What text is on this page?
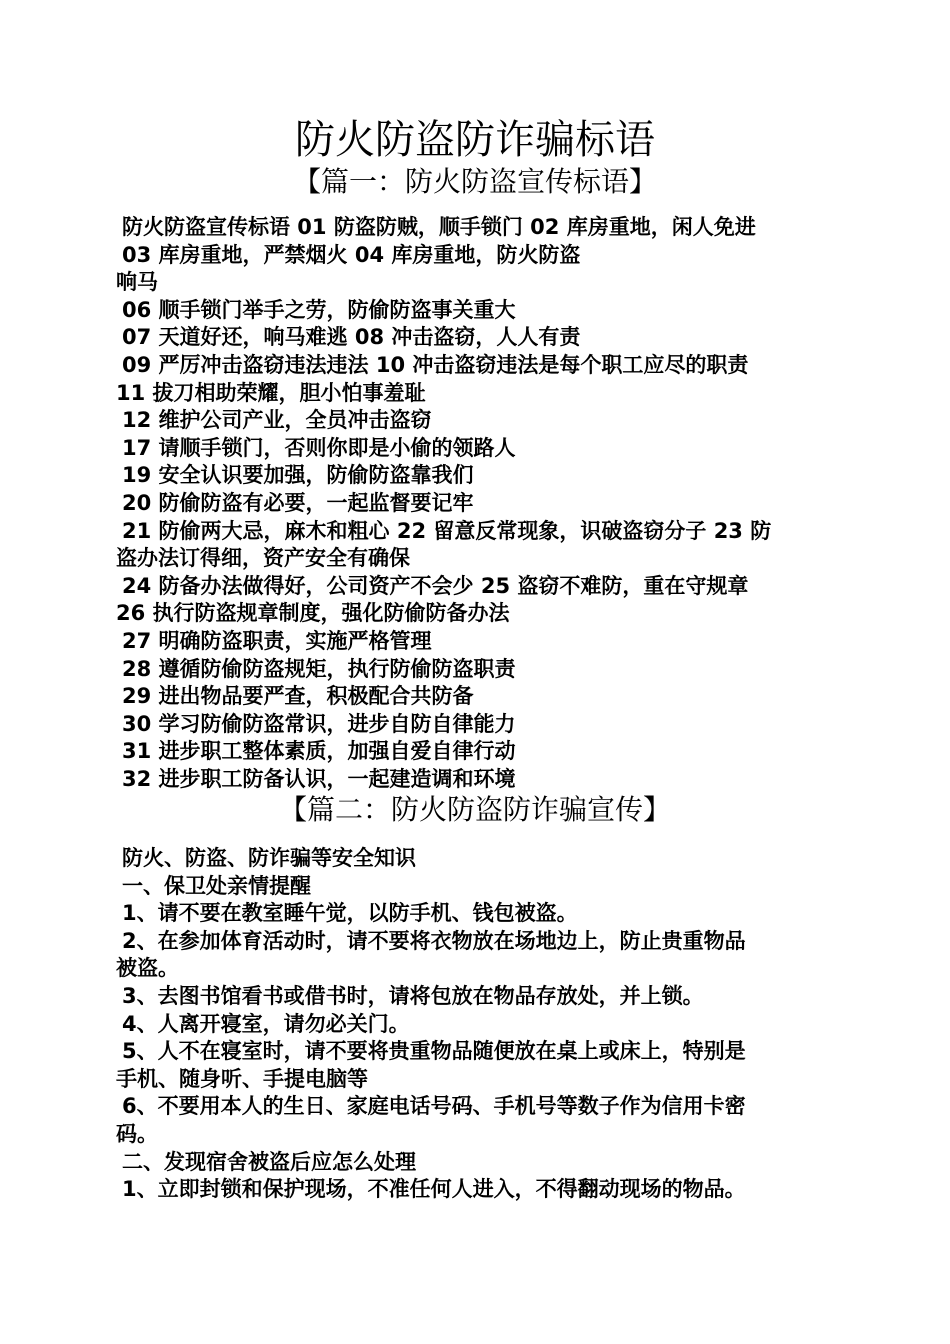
防火防盗防诈骗标语
【篇一：防火防盗宣传标语】
防火防盗宣传标语 01 防盗防贼，顺手锁门 02 库房重地，闲人免进
03 库房重地，严禁烟火 04 库房重地，防火防盗
响马
06 顺手锁门举手之劳，防偷防盗事关重大
07 天道好还，响马难逃 08 冲击盗窃，人人有责
09 严厉冲击盗窃违法违法 10 冲击盗窃违法是每个职工应尽的职责
11 拔刀相助荣耀，胆小怕事羞耻
12 维护公司产业，全员冲击盗窃
17 请顺手锁门，否则你即是小偷的领路人
19 安全认识要加强，防偷防盗靠我们
20 防偷防盗有必要，一起监督要记牢
21 防偷两大忌，麻木和粗心 22 留意反常现象，识破盗窃分子 23 防
盗办法订得细，资产安全有确保
24 防备办法做得好，公司资产不会少 25 盗窃不难防，重在守规章
26 执行防盗规章制度，强化防偷防备办法
27 明确防盗职责，实施严格管理
28 遵循防偷防盗规矩，执行防偷防盗职责
29 进出物品要严查，积极配合共防备
30 学习防偷防盗常识，进步自防自律能力
31 进步职工整体素质，加强自爱自律行动
32 进步职工防备认识，一起建造调和环境
【篇二：防火防盗防诈骗宣传】
防火、防盗、防诈骗等安全知识
一、保卫处亲情提醒
1、请不要在教室睡午觉，以防手机、钱包被盗。
2、在参加体育活动时，请不要将衣物放在场地边上，防止贵重物品
被盗。
3、去图书馆看书或借书时，请将包放在物品存放处，并上锁。
4、人离开寝室，请勿必关门。
5、人不在寝室时，请不要将贵重物品随便放在桌上或床上，特别是
手机、随身听、手提电脑等
6、不要用本人的生日、家庭电话号码、手机号等数子作为信用卡密
码。
二、发现宿舍被盗后应怎么处理
1、立即封锁和保护现场，不准任何人进入，不得翻动现场的物品。
